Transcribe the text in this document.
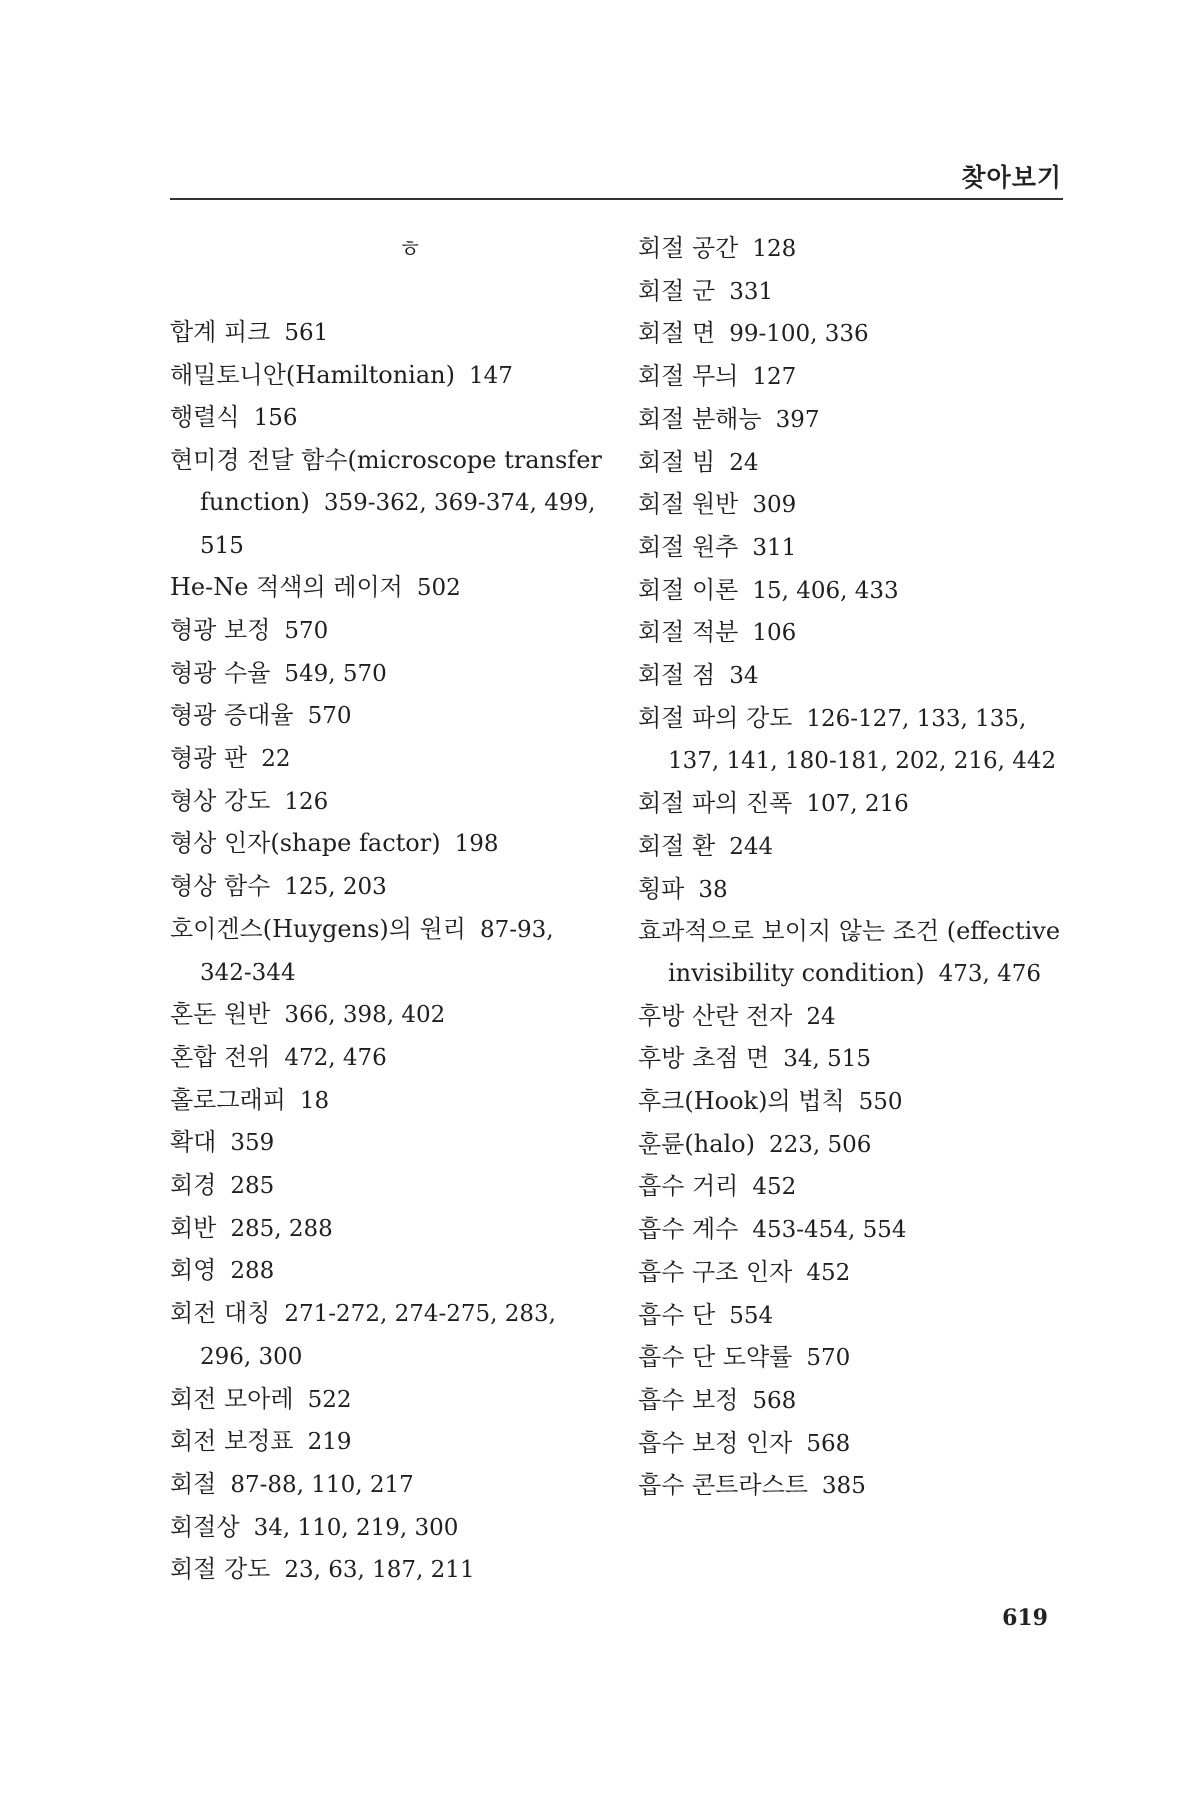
찾아보기
ㅎ
합계 피크 561
해밀토니안(Hamiltonian) 147
행렬식 156
현미경 전달 함수(microscope transfer function) 359-362, 369-374, 499, 515
He-Ne 적색의 레이저 502
형광 보정 570
형광 수율 549, 570
형광 증대율 570
형광 판 22
형상 강도 126
형상 인자(shape factor) 198
형상 함수 125, 203
호이겐스(Huygens)의 원리 87-93, 342-344
혼돈 원반 366, 398, 402
혼합 전위 472, 476
홀로그래피 18
확대 359
회경 285
회반 285, 288
회영 288
회전 대칭 271-272, 274-275, 283, 296, 300
회전 모아레 522
회전 보정표 219
회절 87-88, 110, 217
회절상 34, 110, 219, 300
회절 강도 23, 63, 187, 211
회절 공간 128
회절 군 331
회절 면 99-100, 336
회절 무늬 127
회절 분해능 397
회절 빔 24
회절 원반 309
회절 원추 311
회절 이론 15, 406, 433
회절 적분 106
회절 점 34
회절 파의 강도 126-127, 133, 135, 137, 141, 180-181, 202, 216, 442
회절 파의 진폭 107, 216
회절 환 244
횡파 38
효과적으로 보이지 않는 조건 (effective invisibility condition) 473, 476
후방 산란 전자 24
후방 초점 면 34, 515
후크(Hook)의 법칙 550
훈륜(halo) 223, 506
흡수 거리 452
흡수 계수 453-454, 554
흡수 구조 인자 452
흡수 단 554
흡수 단 도약률 570
흡수 보정 568
흡수 보정 인자 568
흡수 콘트라스트 385
619
